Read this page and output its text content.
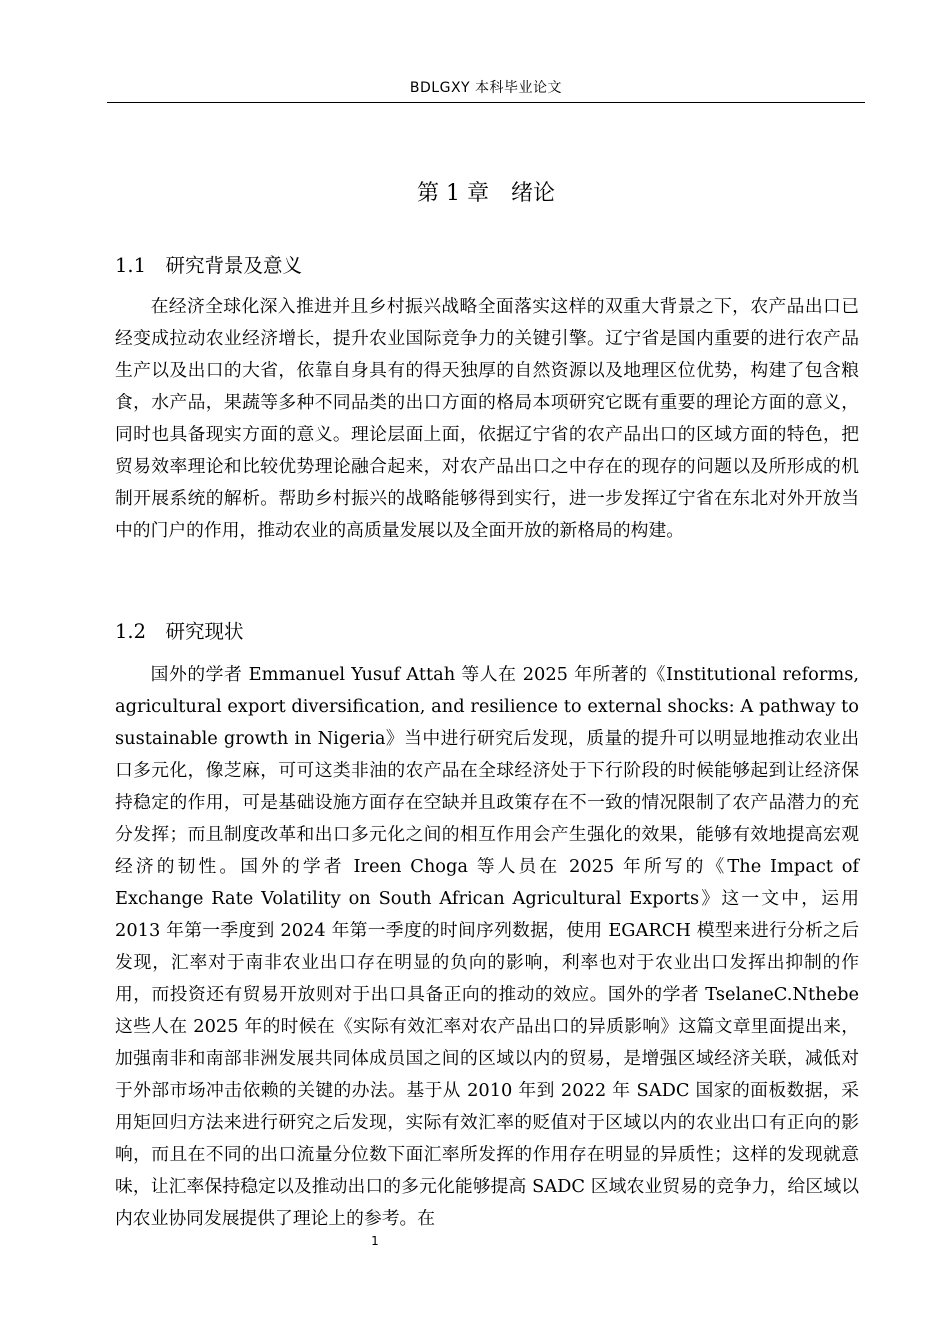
BDLGXY 本科毕业论文
第 1 章　绪论
1.1　研究背景及意义

在经济全球化深入推进并且乡村振兴战略全面落实这样的双重大背景之下，农产品出口已经变成拉动农业经济增长，提升农业国际竞争力的关键引擎。辽宁省是国内重要的进行农产品生产以及出口的大省，依靠自身具有的得天独厚的自然资源以及地理区位优势，构建了包含粮食，水产品，果蔬等多种不同品类的出口方面的格局本项研究它既有重要的理论方面的意义，同时也具备现实方面的意义。理论层面上面，依据辽宁省的农产品出口的区域方面的特色，把贸易效率理论和比较优势理论融合起来，对农产品出口之中存在的现存的问题以及所形成的机制开展系统的解析。帮助乡村振兴的战略能够得到实行，进一步发挥辽宁省在东北对外开放当中的门户的作用，推动农业的高质量发展以及全面开放的新格局的构建。

1.2　研究现状

国外的学者 Emmanuel Yusuf Attah 等人在 2025 年所著的《Institutional reforms, agricultural export diversification, and resilience to external shocks: A pathway to sustainable growth in Nigeria》当中进行研究后发现，质量的提升可以明显地推动农业出口多元化，像芝麻，可可这类非油的农产品在全球经济处于下行阶段的时候能够起到让经济保持稳定的作用，可是基础设施方面存在空缺并且政策存在不一致的情况限制了农产品潜力的充分发挥；而且制度改革和出口多元化之间的相互作用会产生强化的效果，能够有效地提高宏观经济的韧性。国外的学者 Ireen Choga 等人员在 2025 年所写的《The Impact of Exchange Rate Volatility on South African Agricultural Exports》这一文中，运用 2013 年第一季度到 2024 年第一季度的时间序列数据，使用 EGARCH 模型来进行分析之后发现，汇率对于南非农业出口存在明显的负向的影响，利率也对于农业出口发挥出抑制的作用，而投资还有贸易开放则对于出口具备正向的推动的效应。国外的学者 TselaneC.Nthebe 这些人在 2025 年的时候在《实际有效汇率对农产品出口的异质影响》这篇文章里面提出来，加强南非和南部非洲发展共同体成员国之间的区域以内的贸易，是增强区域经济关联，减低对于外部市场冲击依赖的关键的办法。基于从 2010 年到 2022 年 SADC 国家的面板数据，采用矩回归方法来进行研究之后发现，实际有效汇率的贬值对于区域以内的农业出口有正向的影响，而且在不同的出口流量分位数下面汇率所发挥的作用存在明显的异质性；这样的发现就意味，让汇率保持稳定以及推动出口的多元化能够提高 SADC 区域农业贸易的竞争力，给区域以内农业协同发展提供了理论上的参考。在

1
